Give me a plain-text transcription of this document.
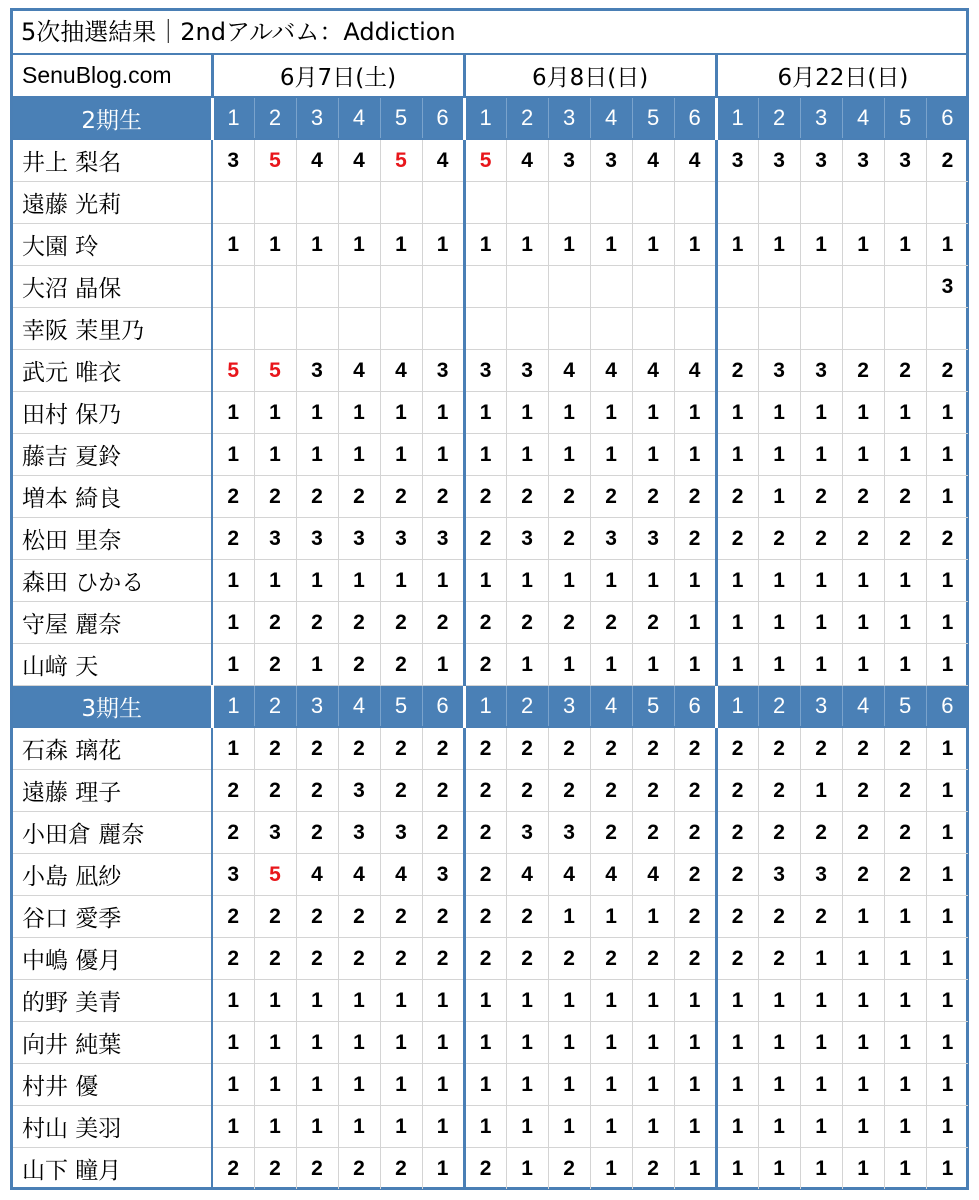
5次抽選結果｜2ndアルバム：Addiction
SenuBlog.com	6月7日(土)						6月8日(日)						6月22日(日)					
2期生	1	2	3	4	5	6	1	2	3	4	5	6	1	2	3	4	5	6
井上 梨名	3	5	4	4	5	4	5	4	3	3	4	4	3	3	3	3	3	2
遠藤 光莉																		
大園 玲	1	1	1	1	1	1	1	1	1	1	1	1	1	1	1	1	1	1
大沼 晶保																		3
幸阪 茉里乃																		
武元 唯衣	5	5	3	4	4	3	3	3	4	4	4	4	2	3	3	2	2	2
田村 保乃	1	1	1	1	1	1	1	1	1	1	1	1	1	1	1	1	1	1
藤吉 夏鈴	1	1	1	1	1	1	1	1	1	1	1	1	1	1	1	1	1	1
増本 綺良	2	2	2	2	2	2	2	2	2	2	2	2	2	1	2	2	2	1
松田 里奈	2	3	3	3	3	3	2	3	2	3	3	2	2	2	2	2	2	2
森田 ひかる	1	1	1	1	1	1	1	1	1	1	1	1	1	1	1	1	1	1
守屋 麗奈	1	2	2	2	2	2	2	2	2	2	2	1	1	1	1	1	1	1
山﨑 天	1	2	1	2	2	1	2	1	1	1	1	1	1	1	1	1	1	1
3期生	1	2	3	4	5	6	1	2	3	4	5	6	1	2	3	4	5	6
石森 璃花	1	2	2	2	2	2	2	2	2	2	2	2	2	2	2	2	2	1
遠藤 理子	2	2	2	3	2	2	2	2	2	2	2	2	2	2	1	2	2	1
小田倉 麗奈	2	3	2	3	3	2	2	3	3	2	2	2	2	2	2	2	2	1
小島 凪紗	3	5	4	4	4	3	2	4	4	4	4	2	2	3	3	2	2	1
谷口 愛季	2	2	2	2	2	2	2	2	1	1	1	2	2	2	2	1	1	1
中嶋 優月	2	2	2	2	2	2	2	2	2	2	2	2	2	2	1	1	1	1
的野 美青	1	1	1	1	1	1	1	1	1	1	1	1	1	1	1	1	1	1
向井 純葉	1	1	1	1	1	1	1	1	1	1	1	1	1	1	1	1	1	1
村井 優	1	1	1	1	1	1	1	1	1	1	1	1	1	1	1	1	1	1
村山 美羽	1	1	1	1	1	1	1	1	1	1	1	1	1	1	1	1	1	1
山下 瞳月	2	2	2	2	2	1	2	1	2	1	2	1	1	1	1	1	1	1
